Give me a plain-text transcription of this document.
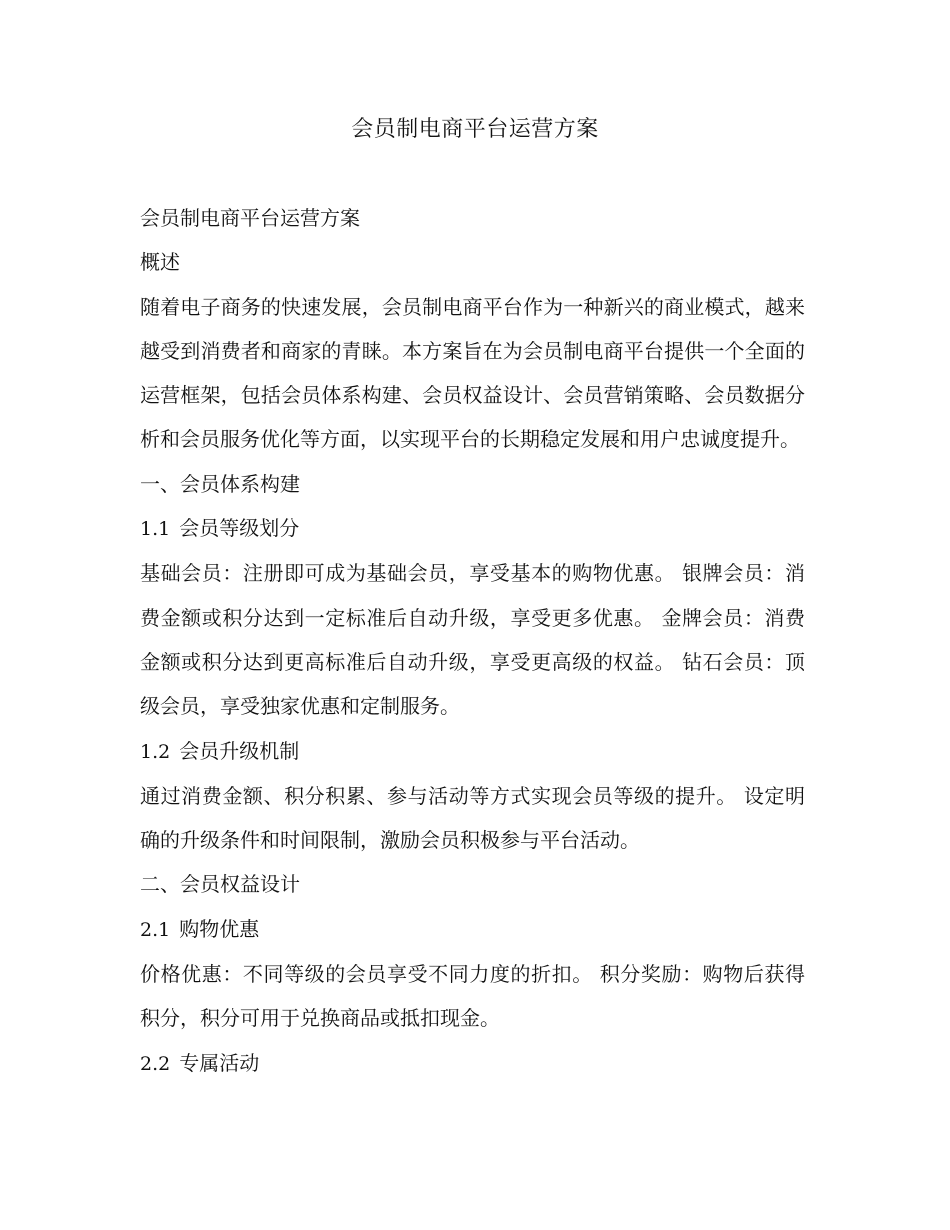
会员制电商平台运营方案
会员制电商平台运营方案
概述

随着电子商务的快速发展，会员制电商平台作为一种新兴的商业模式，越来越受到消费者和商家的青睐。本方案旨在为会员制电商平台提供一个全面的运营框架，包括会员体系构建、会员权益设计、会员营销策略、会员数据分析和会员服务优化等方面，以实现平台的长期稳定发展和用户忠诚度提升。

一、会员体系构建
1.1 会员等级划分

基础会员：注册即可成为基础会员，享受基本的购物优惠。 银牌会员：消费金额或积分达到一定标准后自动升级，享受更多优惠。 金牌会员：消费金额或积分达到更高标准后自动升级，享受更高级的权益。 钻石会员：顶级会员，享受独家优惠和定制服务。

1.2 会员升级机制

通过消费金额、积分积累、参与活动等方式实现会员等级的提升。 设定明确的升级条件和时间限制，激励会员积极参与平台活动。

二、会员权益设计
2.1 购物优惠

价格优惠：不同等级的会员享受不同力度的折扣。 积分奖励：购物后获得积分，积分可用于兑换商品或抵扣现金。

2.2 专属活动
